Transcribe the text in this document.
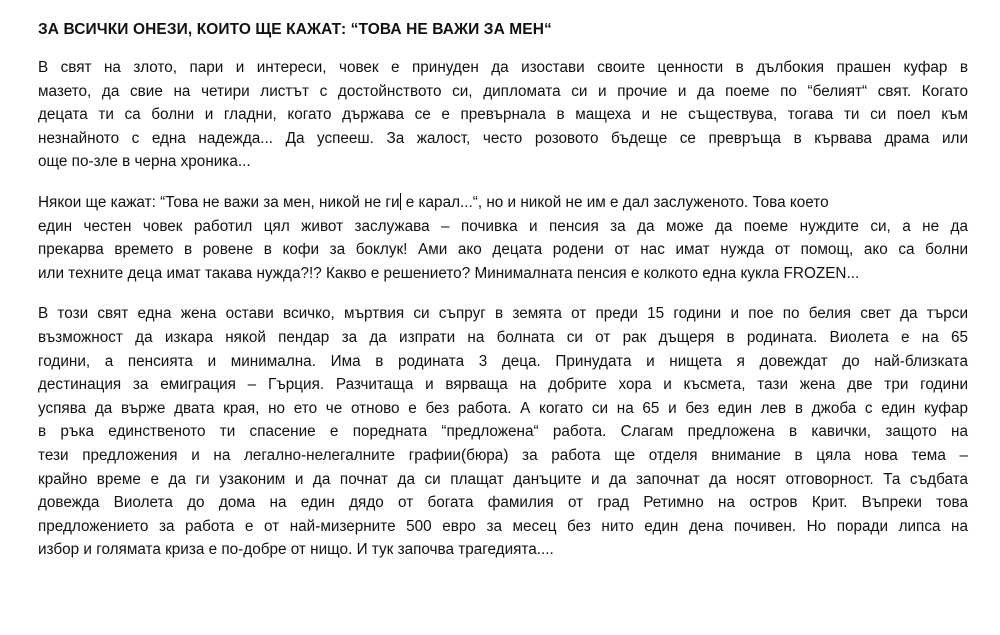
ЗА ВСИЧКИ ОНЕЗИ, КОИТО ЩЕ КАЖАТ: “ТОВА НЕ ВАЖИ ЗА МЕН“
В свят на злото, пари и интереси, човек е принуден да изостави своите ценности в дълбокия прашен куфар в
мазето, да свие на четири листът с достойнството си, дипломата си и прочие и да поеме по “белият“ свят. Когато
децата ти са болни и гладни, когато държава се е превърнала в мащеха и не съществува, тогава ти си поел към
незнайното с една надежда... Да успееш. За жалост, често розовото бъдеще се превръща в кървава драма или
още по-зле в черна хроника...
Някои ще кажат: “Това не важи за мен, никой не ги е карал...“, но и никой не им е дал заслуженото. Това което
един честен човек работил цял живот заслужава – почивка и пенсия за да може да поеме нуждите си, а не да
прекарва времето в ровене в кофи за боклук! Ами ако децата родени от нас имат нужда от помощ, ако са болни
или техните деца имат такава нужда?!? Какво е решението? Минималната пенсия е колкото една кукла FROZEN...
В този свят една жена остави всичко, мъртвия си съпруг в земята от преди 15 години и пое по белия свет да търси
възможност да изкара някой пендар за да изпрати на болната си от рак дъщеря в родината. Виолета е на 65
години, а пенсията и минимална. Има в родината 3 деца. Принудата и нищета я довеждат до най-близката
дестинация за емиграция – Гърция. Разчитаща и вярваща на добрите хора и късмета, тази жена две три години
успява да върже двата края, но ето че отново е без работа. А когато си на 65 и без един лев в джоба с един куфар
в ръка единственото ти спасение е поредната “предложена“ работа. Слагам предложена в кавички, защото на
тези предложения и на легално-нелегалните графии(бюра) за работа ще отделя внимание в цяла нова тема –
крайно време е да ги узаконим и да почнат да си плащат данъците и да започнат да носят отговорност. Та съдбата
довежда Виолета до дома на един дядо от богата фамилия от град Ретимно на остров Крит. Въпреки това
предложението за работа е от най-мизерните 500 евро за месец без нито един дена почивен. Но поради липса на
избор и голямата криза е по-добре от нищо. И тук започва трагедията....
